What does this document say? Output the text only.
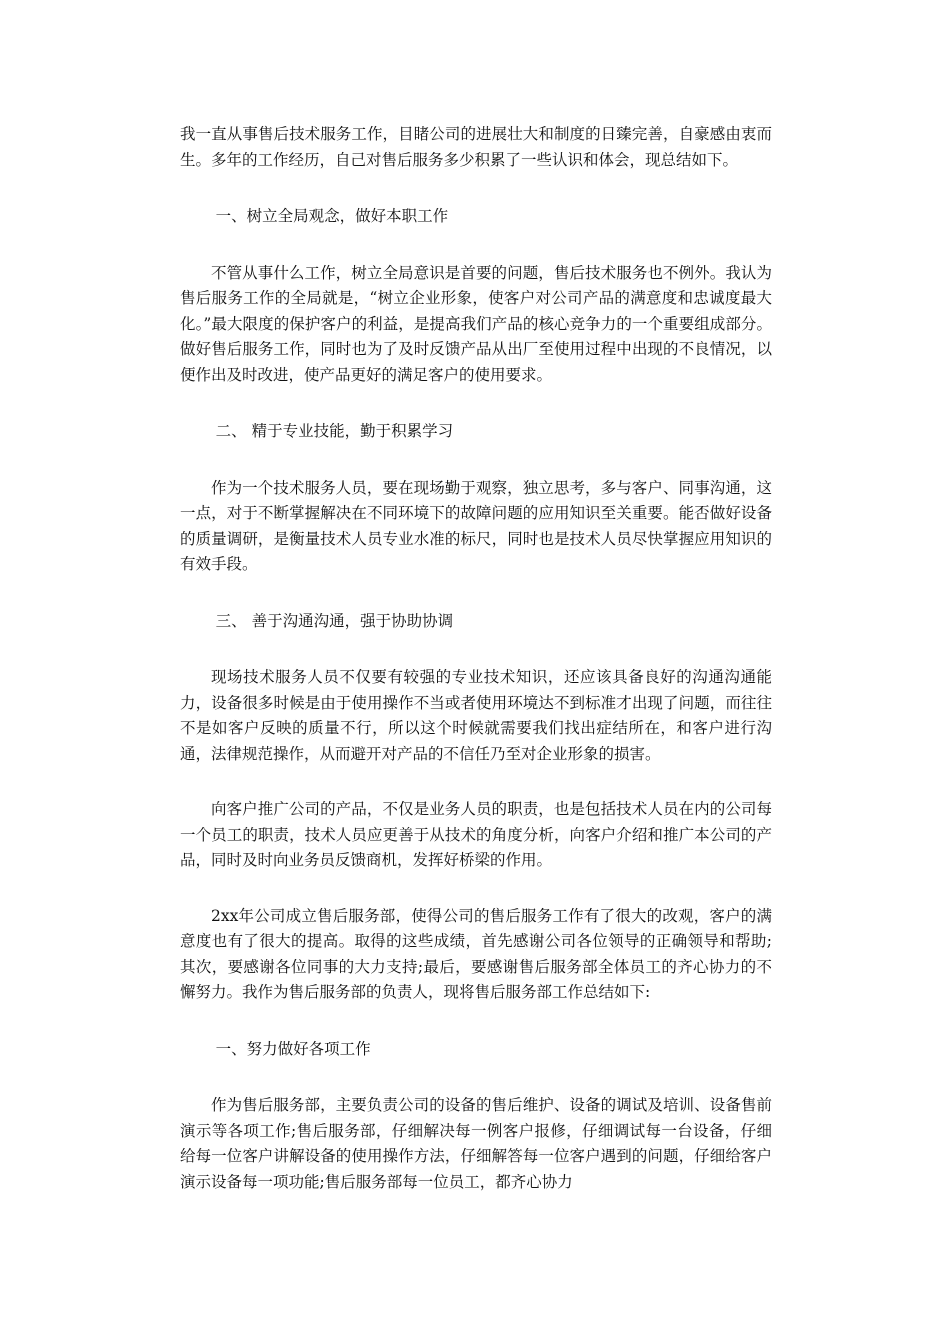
我一直从事售后技术服务工作，目睹公司的进展壮大和制度的日臻完善，自豪感由衷而生。多年的工作经历，自己对售后服务多少积累了一些认识和体会，现总结如下。

一、树立全局观念，做好本职工作

不管从事什么工作，树立全局意识是首要的问题，售后技术服务也不例外。我认为售后服务工作的全局就是，“树立企业形象，使客户对公司产品的满意度和忠诚度最大化。”最大限度的保护客户的利益，是提高我们产品的核心竞争力的一个重要组成部分。做好售后服务工作，同时也为了及时反馈产品从出厂至使用过程中出现的不良情况，以便作出及时改进，使产品更好的满足客户的使用要求。

二、 精于专业技能，勤于积累学习

作为一个技术服务人员，要在现场勤于观察，独立思考，多与客户、同事沟通，这一点，对于不断掌握解决在不同环境下的故障问题的应用知识至关重要。能否做好设备的质量调研，是衡量技术人员专业水准的标尺，同时也是技术人员尽快掌握应用知识的有效手段。

三、 善于沟通沟通，强于协助协调

现场技术服务人员不仅要有较强的专业技术知识，还应该具备良好的沟通沟通能力，设备很多时候是由于使用操作不当或者使用环境达不到标准才出现了问题，而往往不是如客户反映的质量不行，所以这个时候就需要我们找出症结所在，和客户进行沟通，法律规范操作，从而避开对产品的不信任乃至对企业形象的损害。

向客户推广公司的产品，不仅是业务人员的职责，也是包括技术人员在内的公司每一个员工的职责，技术人员应更善于从技术的角度分析，向客户介绍和推广本公司的产品，同时及时向业务员反馈商机，发挥好桥梁的作用。

2xx年公司成立售后服务部，使得公司的售后服务工作有了很大的改观，客户的满意度也有了很大的提高。取得的这些成绩，首先感谢公司各位领导的正确领导和帮助;其次，要感谢各位同事的大力支持;最后，要感谢售后服务部全体员工的齐心协力的不懈努力。我作为售后服务部的负责人，现将售后服务部工作总结如下:

一、努力做好各项工作

作为售后服务部，主要负责公司的设备的售后维护、设备的调试及培训、设备售前演示等各项工作;售后服务部，仔细解决每一例客户报修，仔细调试每一台设备，仔细给每一位客户讲解设备的使用操作方法，仔细解答每一位客户遇到的问题，仔细给客户演示设备每一项功能;售后服务部每一位员工，都齐心协力
